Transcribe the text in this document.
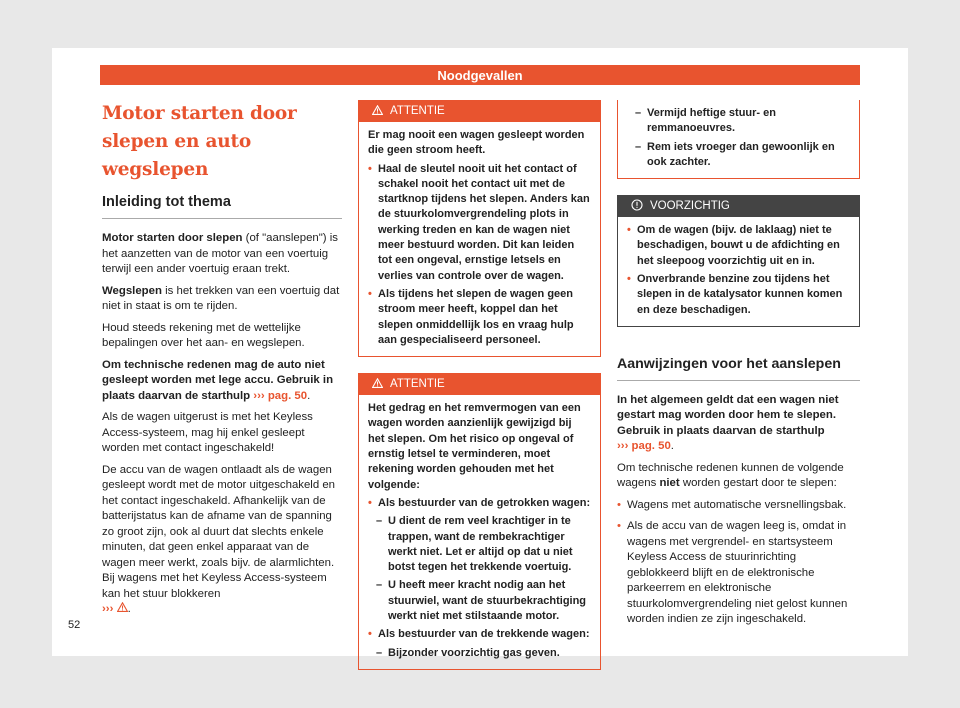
Noodgevallen
Motor starten door slepen en auto wegslepen
Inleiding tot thema

Motor starten door slepen (of "aanslepen") is het aanzetten van de motor van een voertuig terwijl een ander voertuig eraan trekt.

Wegslepen is het trekken van een voertuig dat niet in staat is om te rijden.

Houd steeds rekening met de wettelijke bepalingen over het aan- en wegslepen.

Om technische redenen mag de auto niet gesleept worden met lege accu. Gebruik in plaats daarvan de starthulp ››› pag. 50.

Als de wagen uitgerust is met het Keyless Access-systeem, mag hij enkel gesleept worden met contact ingeschakeld!

De accu van de wagen ontlaadt als de wagen gesleept wordt met de motor uitgeschakeld en het contact ingeschakeld. Afhankelijk van de batterijstatus kan de afname van de spanning zo groot zijn, ook al duurt dat slechts enkele minuten, dat geen enkel apparaat van de wagen meer werkt, zoals bijv. de alarmlichten. Bij wagens met het Keyless Access-systeem kan het stuur blokkeren
››› .

ATTENTIE

Er mag nooit een wagen gesleept worden die geen stroom heeft.

• Haal de sleutel nooit uit het contact of schakel nooit het contact uit met de startknop tijdens het slepen. Anders kan de stuurkolomvergrendeling plots in werking treden en kan de wagen niet meer bestuurd worden. Dit kan leiden tot een ongeval, ernstige letsels en verlies van controle over de wagen.
• Als tijdens het slepen de wagen geen stroom meer heeft, koppel dan het slepen onmiddellijk los en vraag hulp aan gespecialiseerd personeel.
ATTENTIE

Het gedrag en het remvermogen van een wagen worden aanzienlijk gewijzigd bij het slepen. Om het risico op ongeval of ernstig letsel te verminderen, moet rekening worden gehouden met het volgende:

• Als bestuurder van de getrokken wagen:
– U dient de rem veel krachtiger in te trappen, want de rembekrachtiger werkt niet. Let er altijd op dat u niet botst tegen het trekkende voertuig.
– U heeft meer kracht nodig aan het stuurwiel, want de stuurbekrachtiging werkt niet met stilstaande motor.
• Als bestuurder van de trekkende wagen:
– Bijzonder voorzichtig gas geven.
– Vermijd heftige stuur- en remmanoeuvres.
– Rem iets vroeger dan gewoonlijk en ook zachter.
VOORZICHTIG
• Om de wagen (bijv. de laklaag) niet te beschadigen, bouwt u de afdichting en het sleepoog voorzichtig uit en in.
• Onverbrande benzine zou tijdens het slepen in de katalysator kunnen komen en deze beschadigen.
Aanwijzingen voor het aanslepen

In het algemeen geldt dat een wagen niet gestart mag worden door hem te slepen. Gebruik in plaats daarvan de starthulp
››› pag. 50.

Om technische redenen kunnen de volgende wagens niet worden gestart door te slepen:

• Wagens met automatische versnellingsbak.
• Als de accu van de wagen leeg is, omdat in wagens met vergrendel- en startsysteem Keyless Access de stuurinrichting geblokkeerd blijft en de elektronische parkeerrem en elektronische stuurkolomvergrendeling niet gelost kunnen worden indien ze zijn ingeschakeld.
52
